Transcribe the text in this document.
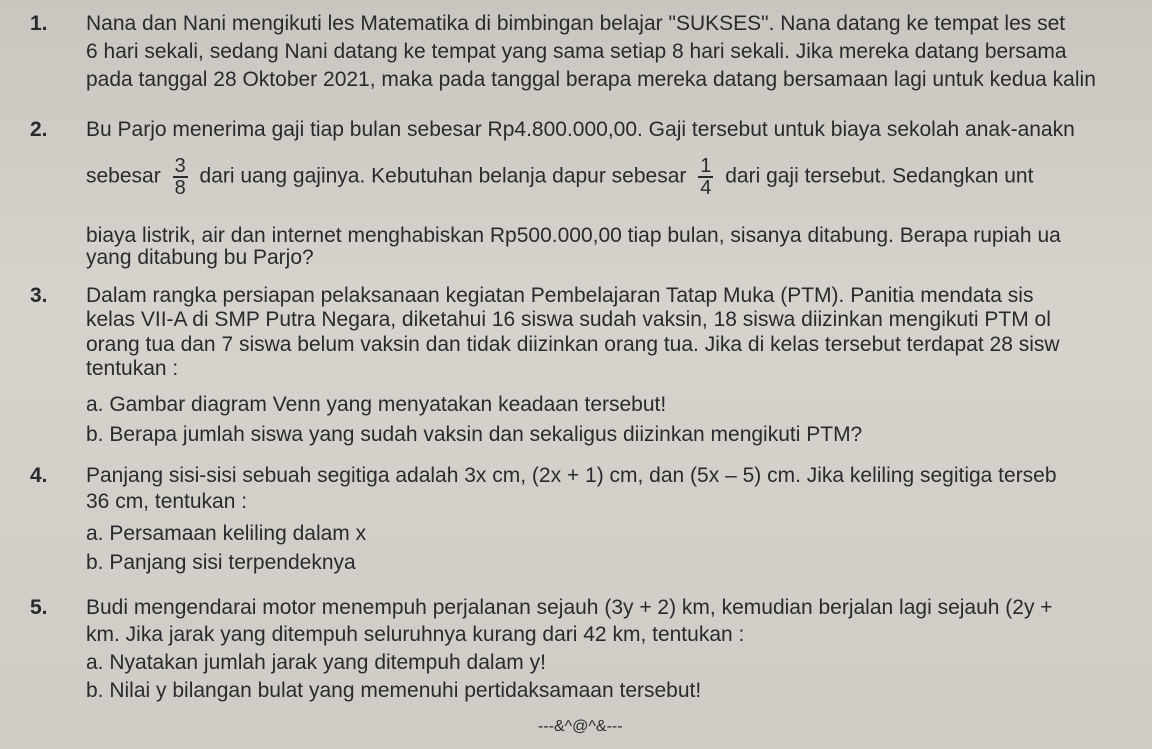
1. Nana dan Nani mengikuti les Matematika di bimbingan belajar "SUKSES". Nana datang ke tempat les set
6 hari sekali, sedang Nani datang ke tempat yang sama setiap 8 hari sekali. Jika mereka datang bersama
pada tanggal 28 Oktober 2021, maka pada tanggal berapa mereka datang bersamaan lagi untuk kedua kalin
2. Bu Parjo menerima gaji tiap bulan sebesar Rp4.800.000,00. Gaji tersebut untuk biaya sekolah anak-anakn
sebesar $\frac{3}{8}$ dari uang gajinya. Kebutuhan belanja dapur sebesar $\frac{1}{4}$ dari gaji tersebut. Sedangkan unt
biaya listrik, air dan internet menghabiskan Rp500.000,00 tiap bulan, sisanya ditabung. Berapa rupiah ua
yang ditabung bu Parjo?
3. Dalam rangka persiapan pelaksanaan kegiatan Pembelajaran Tatap Muka (PTM). Panitia mendata sis
kelas VII-A di SMP Putra Negara, diketahui 16 siswa sudah vaksin, 18 siswa diizinkan mengikuti PTM ol
orang tua dan 7 siswa belum vaksin dan tidak diizinkan orang tua. Jika di kelas tersebut terdapat 28 sisw
tentukan :
a. Gambar diagram Venn yang menyatakan keadaan tersebut!
b. Berapa jumlah siswa yang sudah vaksin dan sekaligus diizinkan mengikuti PTM?
4. Panjang sisi-sisi sebuah segitiga adalah 3x cm, (2x + 1) cm, dan (5x – 5) cm. Jika keliling segitiga terseb
36 cm, tentukan :
a. Persamaan keliling dalam x
b. Panjang sisi terpendeknya
5. Budi mengendarai motor menempuh perjalanan sejauh (3y + 2) km, kemudian berjalan lagi sejauh (2y +
km. Jika jarak yang ditempuh seluruhnya kurang dari 42 km, tentukan :
a. Nyatakan jumlah jarak yang ditempuh dalam y!
b. Nilai y bilangan bulat yang memenuhi pertidaksamaan tersebut!
---&^@^&---
